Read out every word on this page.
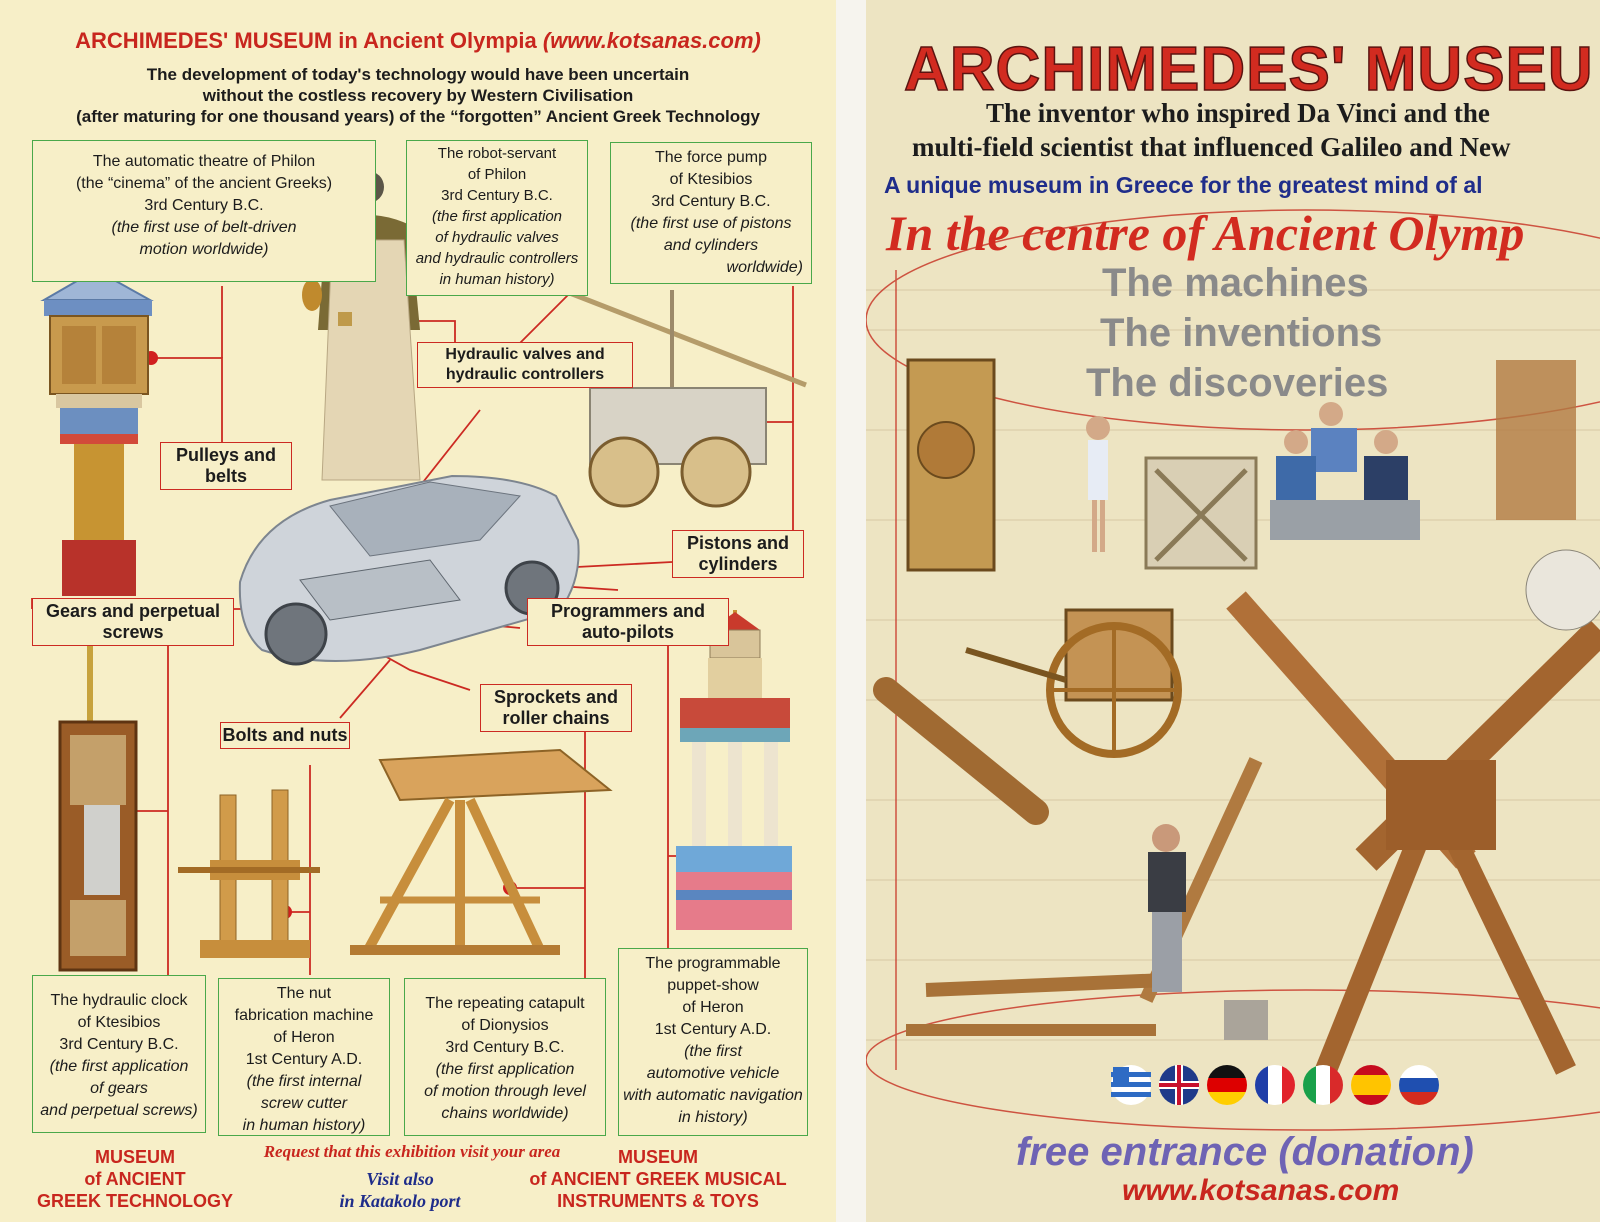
ARCHIMEDES' MUSEUM in Ancient Olympia (www.kotsanas.com)
The development of today's technology would have been uncertain
without the costless recovery by Western Civilisation
(after maturing for one thousand years) of the “forgotten” Ancient Greek Technology
The automatic theatre of Philon
(the “cinema” of the ancient Greeks)
3rd Century B.C.
(the first use of belt-driven
motion worldwide)
The robot-servant
of Philon
3rd Century B.C.
(the first application
of hydraulic valves
and hydraulic controllers
in human history)
The force pump
of Ktesibios
3rd Century B.C.
(the first use of pistons
and cylinders
worldwide)
Hydraulic valves and hydraulic controllers
Pulleys and belts
Pistons and cylinders
Gears and perpetual screws
Programmers and auto-pilots
Sprockets and roller chains
Bolts and nuts
The hydraulic clock
of Ktesibios
3rd Century B.C.
(the first application
of gears
and perpetual screws)
The nut
fabrication machine
of Heron
1st Century A.D.
(the first internal
screw cutter
in human history)
The repeating catapult
of Dionysios
3rd Century B.C.
(the first application
of motion through level
chains worldwide)
The programmable
puppet-show
of Heron
1st Century A.D.
(the first
automotive vehicle
with automatic navigation
in history)
MUSEUM
of ANCIENT
GREEK TECHNOLOGY
Request that this exhibition visit your area
Visit also
in Katakolo port
MUSEUM
of ANCIENT GREEK MUSICAL
INSTRUMENTS & TOYS
ARCHIMEDES' MUSEU
The inventor who inspired Da Vinci and the
multi-field scientist that influenced Galileo and New
A unique museum in Greece for the greatest mind of al
In the centre of Ancient Olymp
The machines
The inventions
The discoveries
free entrance (donation)
www.kotsanas.com
